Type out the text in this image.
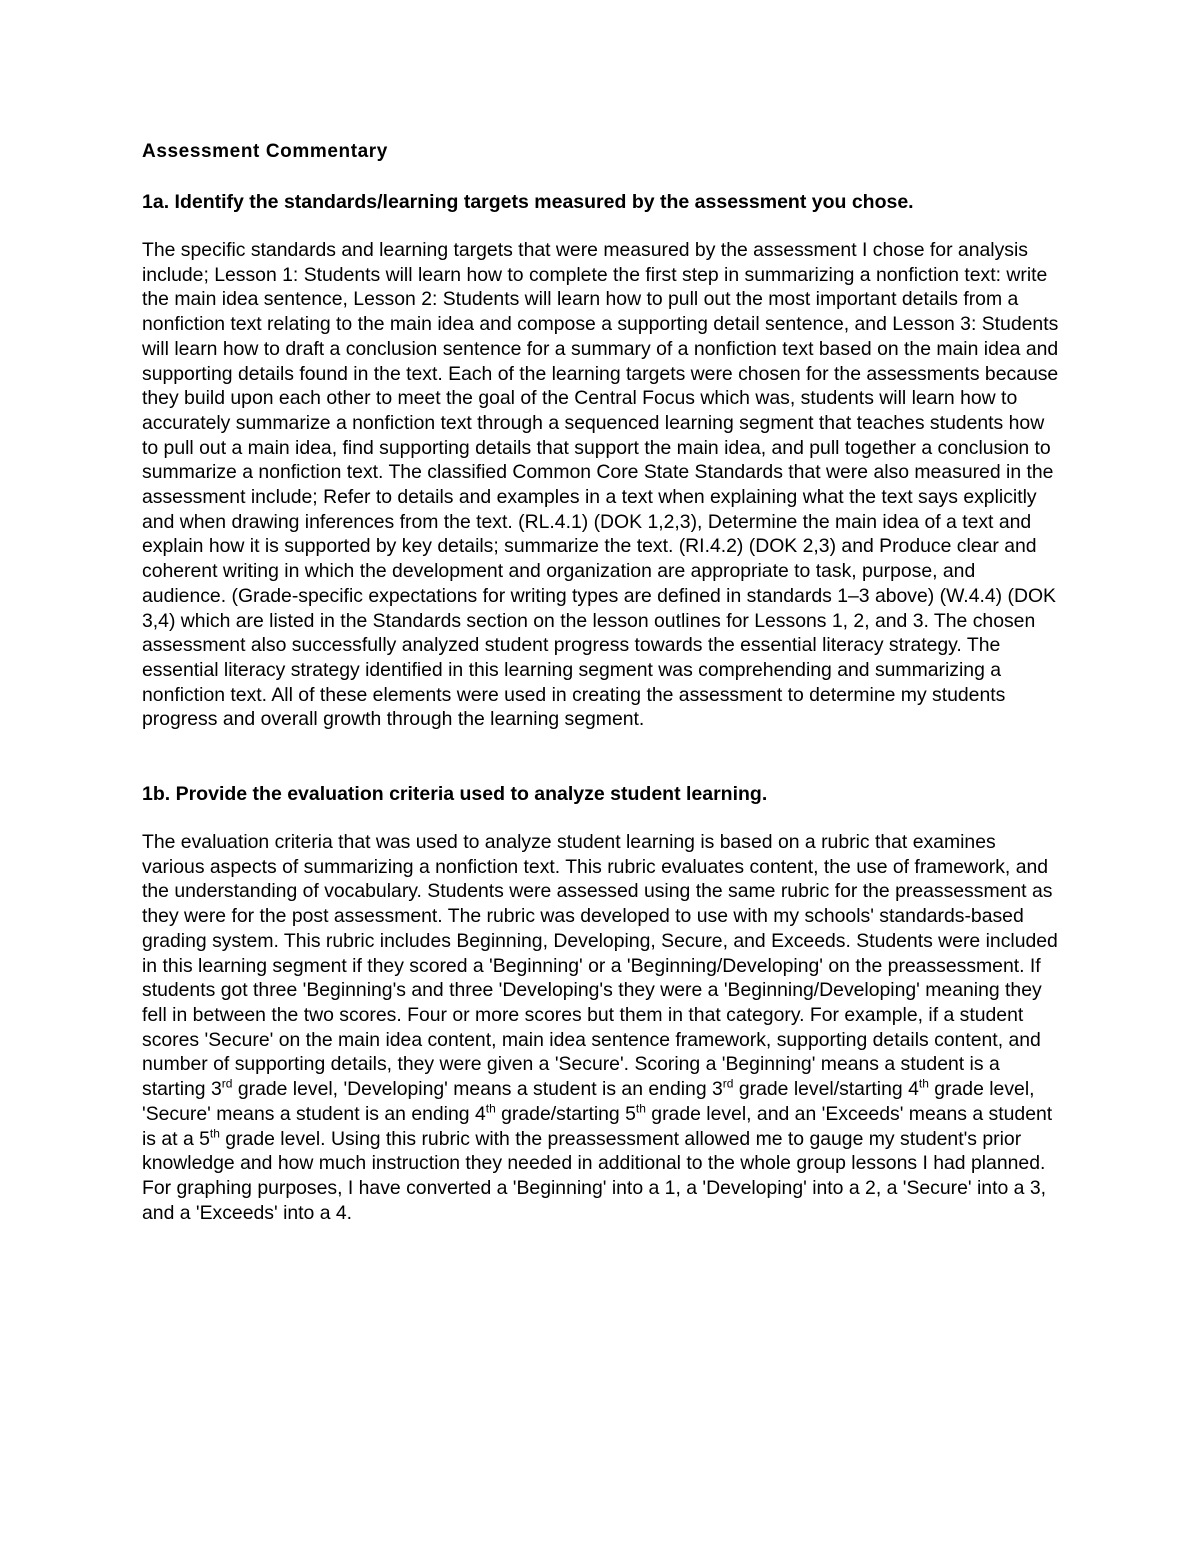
Assessment Commentary
1a. Identify the standards/learning targets measured by the assessment you chose.

The specific standards and learning targets that were measured by the assessment I chose for analysis include; Lesson 1: Students will learn how to complete the first step in summarizing a nonfiction text: write the main idea sentence, Lesson 2: Students will learn how to pull out the most important details from a nonfiction text relating to the main idea and compose a supporting detail sentence, and Lesson 3: Students will learn how to draft a conclusion sentence for a summary of a nonfiction text based on the main idea and supporting details found in the text. Each of the learning targets were chosen for the assessments because they build upon each other to meet the goal of the Central Focus which was, students will learn how to accurately summarize a nonfiction text through a sequenced learning segment that teaches students how to pull out a main idea, find supporting details that support the main idea, and pull together a conclusion to summarize a nonfiction text. The classified Common Core State Standards that were also measured in the assessment include; Refer to details and examples in a text when explaining what the text says explicitly and when drawing inferences from the text. (RL.4.1) (DOK 1,2,3), Determine the main idea of a text and explain how it is supported by key details; summarize the text. (RI.4.2) (DOK 2,3) and Produce clear and coherent writing in which the development and organization are appropriate to task, purpose, and audience. (Grade-specific expectations for writing types are defined in standards 1–3 above) (W.4.4) (DOK 3,4) which are listed in the Standards section on the lesson outlines for Lessons 1, 2, and 3. The chosen assessment also successfully analyzed student progress towards the essential literacy strategy. The essential literacy strategy identified in this learning segment was comprehending and summarizing a nonfiction text. All of these elements were used in creating the assessment to determine my students progress and overall growth through the learning segment.

1b. Provide the evaluation criteria used to analyze student learning.

The evaluation criteria that was used to analyze student learning is based on a rubric that examines various aspects of summarizing a nonfiction text. This rubric evaluates content, the use of framework, and the understanding of vocabulary. Students were assessed using the same rubric for the preassessment as they were for the post assessment. The rubric was developed to use with my schools' standards-based grading system. This rubric includes Beginning, Developing, Secure, and Exceeds. Students were included in this learning segment if they scored a 'Beginning' or a 'Beginning/Developing' on the preassessment. If students got three 'Beginning's and three 'Developing's they were a 'Beginning/Developing' meaning they fell in between the two scores. Four or more scores but them in that category. For example, if a student scores 'Secure' on the main idea content, main idea sentence framework, supporting details content, and number of supporting details, they were given a 'Secure'. Scoring a 'Beginning' means a student is a starting 3rd grade level, 'Developing' means a student is an ending 3rd grade level/starting 4th grade level, 'Secure' means a student is an ending 4th grade/starting 5th grade level, and an 'Exceeds' means a student is at a 5th grade level. Using this rubric with the preassessment allowed me to gauge my student's prior knowledge and how much instruction they needed in additional to the whole group lessons I had planned. For graphing purposes, I have converted a 'Beginning' into a 1, a 'Developing' into a 2, a 'Secure' into a 3, and a 'Exceeds' into a 4.
